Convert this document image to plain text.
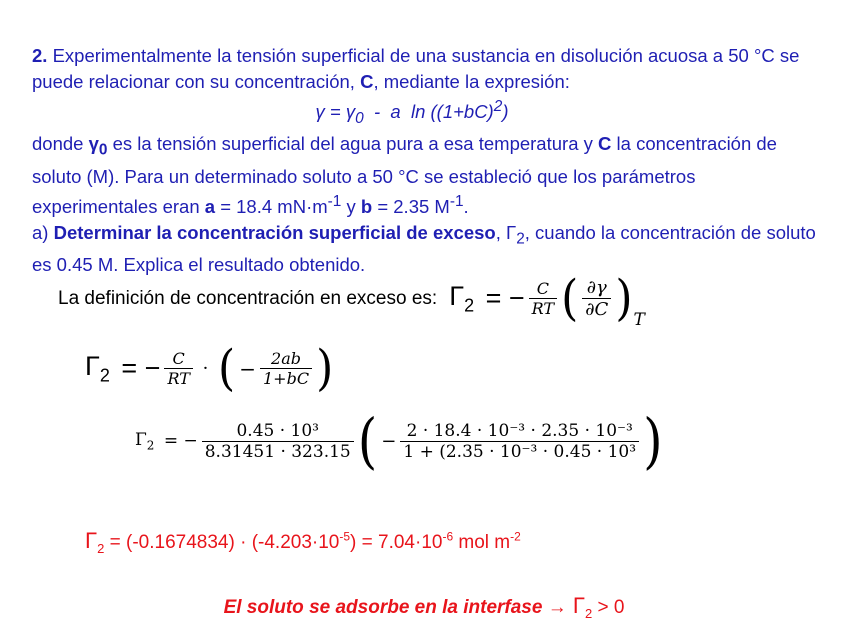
2. Experimentalmente la tensión superficial de una sustancia en disolución acuosa a 50 °C se puede relacionar con su concentración, C, mediante la expresión:

$\gamma = \gamma_0 - a$  $\ln ((1+bC)^2)$

donde $\gamma_0$ es la tensión superficial del agua pura a esa temperatura y C la concentración de soluto (M). Para un determinado soluto a 50 °C se estableció que los parámetros experimentales eran a = 18.4 $mN\cdot m^{-1}$ y b = 2.35 $M^{-1}$.

a) Determinar la concentración superficial de exceso, $\Gamma_2$, cuando la concentración de soluto es 0.45 M. Explica el resultado obtenido.

La definición de concentración en exceso es: $\Gamma_2$ = − $\frac{C}{RT}$ ( $\frac{\partial\gamma}{\partial C}$ ) T
$\Gamma_2$ = − $\frac{C}{RT}$ · ( − $\frac{2ab}{1+bC}$ )
$\Gamma_2$ = − $\frac{\text{0.45 · 10³}}{8.31451 \cdot 323.15}$ ( − $\frac{\text{2 · 18.4 · 10⁻³ · 2.35 · 10⁻³}}{\text{1 + (2.35 · 10⁻³ · 0.45 · 10³}}$ )
$\Gamma_2 = (-0.1674834) \cdot (-4.203\cdot 10^{-5}) = 7.04\cdot 10^{-6}$ mol $m^{-2}$
El soluto se adsorbe en la interfase → $\Gamma_2 > 0$
